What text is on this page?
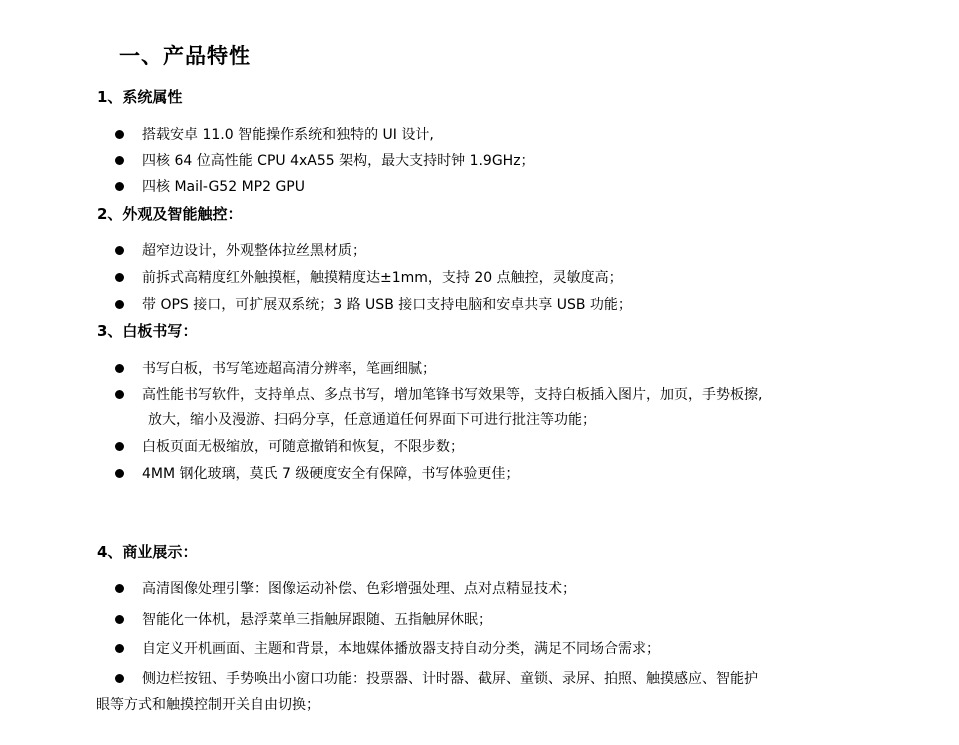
一、产品特性
1、系统属性
搭载安卓 11.0 智能操作系统和独特的 UI 设计,
四核 64 位高性能 CPU 4xA55 架构，最大支持时钟 1.9GHz；
四核 Mail-G52 MP2 GPU
2、外观及智能触控：
超窄边设计，外观整体拉丝黑材质；
前拆式高精度红外触摸框，触摸精度达±1mm，支持 20 点触控，灵敏度高；
带 OPS 接口，可扩展双系统；3 路 USB 接口支持电脑和安卓共享 USB 功能；
3、白板书写：
书写白板，书写笔迹超高清分辨率，笔画细腻；
高性能书写软件，支持单点、多点书写，增加笔锋书写效果等，支持白板插入图片，加页，手势板擦,
放大，缩小及漫游、扫码分享，任意通道任何界面下可进行批注等功能；
白板页面无极缩放，可随意撤销和恢复，不限步数；
4MM 钢化玻璃，莫氏 7 级硬度安全有保障，书写体验更佳；
4、商业展示：
高清图像处理引擎：图像运动补偿、色彩增强处理、点对点精显技术；
智能化一体机，悬浮菜单三指触屏跟随、五指触屏休眠；
自定义开机画面、主题和背景，本地媒体播放器支持自动分类，满足不同场合需求；
侧边栏按钮、手势唤出小窗口功能：投票器、计时器、截屏、童锁、录屏、拍照、触摸感应、智能护
眼等方式和触摸控制开关自由切换；
